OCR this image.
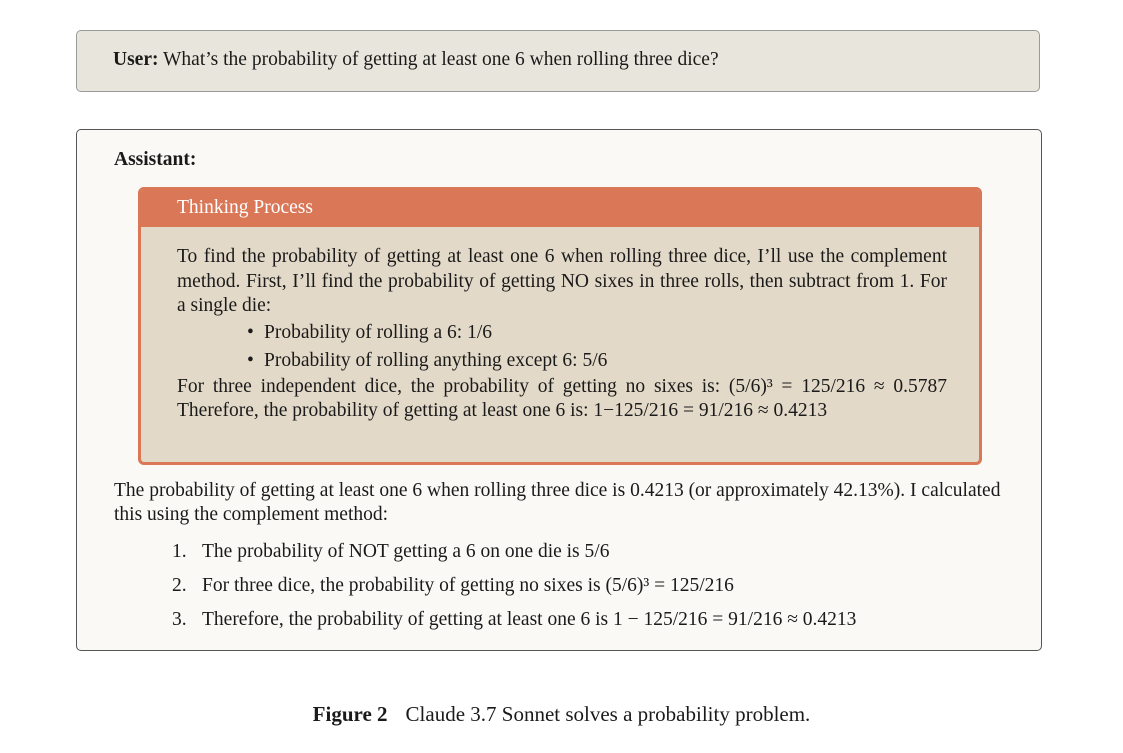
User: What’s the probability of getting at least one 6 when rolling three dice?
Assistant:
Thinking Process

To find the probability of getting at least one 6 when rolling three dice, I’ll use the complement method. First, I’ll find the probability of getting NO sixes in three rolls, then subtract from 1. For a single die:

• Probability of rolling a 6: 1/6
• Probability of rolling anything except 6: 5/6

For three independent dice, the probability of getting no sixes is: (5/6)³ = 125/216 ≈ 0.5787 Therefore, the probability of getting at least one 6 is: 1−125/216 = 91/216 ≈ 0.4213

The probability of getting at least one 6 when rolling three dice is 0.4213 (or approximately 42.13%). I calculated this using the complement method:

1. The probability of NOT getting a 6 on one die is 5/6
2. For three dice, the probability of getting no sixes is (5/6)³ = 125/216
3. Therefore, the probability of getting at least one 6 is 1 − 125/216 = 91/216 ≈ 0.4213
Figure 2 Claude 3.7 Sonnet solves a probability problem.
